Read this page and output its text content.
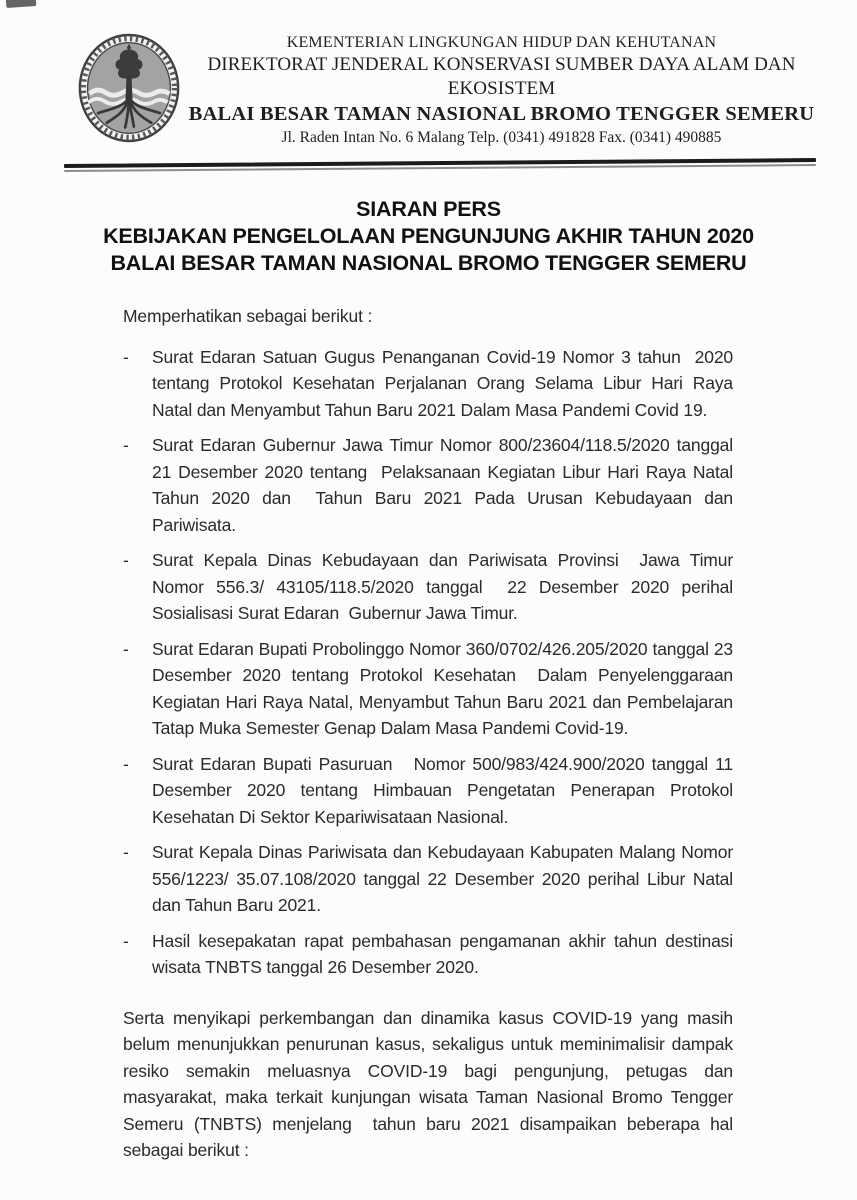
KEMENTERIAN LINGKUNGAN HIDUP DAN KEHUTANAN
DIREKTORAT JENDERAL KONSERVASI SUMBER DAYA ALAM DAN EKOSISTEM
BALAI BESAR TAMAN NASIONAL BROMO TENGGER SEMERU
Jl. Raden Intan No. 6 Malang Telp. (0341) 491828 Fax. (0341) 490885
SIARAN PERS
KEBIJAKAN PENGELOLAAN PENGUNJUNG AKHIR TAHUN 2020
BALAI BESAR TAMAN NASIONAL BROMO TENGGER SEMERU

Memperhatikan sebagai berikut :

-	Surat Edaran Satuan Gugus Penanganan Covid-19 Nomor 3 tahun  2020 tentang Protokol Kesehatan Perjalanan Orang Selama Libur Hari Raya Natal dan Menyambut Tahun Baru 2021 Dalam Masa Pandemi Covid 19.

-	Surat Edaran Gubernur Jawa Timur Nomor 800/23604/118.5/2020 tanggal 21 Desember 2020 tentang  Pelaksanaan Kegiatan Libur Hari Raya Natal Tahun 2020 dan  Tahun Baru 2021 Pada Urusan Kebudayaan dan Pariwisata.

-	Surat Kepala Dinas Kebudayaan dan Pariwisata Provinsi  Jawa Timur Nomor 556.3/ 43105/118.5/2020 tanggal  22 Desember 2020 perihal Sosialisasi Surat Edaran  Gubernur Jawa Timur.

-	Surat Edaran Bupati Probolinggo Nomor 360/0702/426.205/2020 tanggal 23 Desember 2020 tentang Protokol Kesehatan  Dalam Penyelenggaraan  Kegiatan Hari Raya Natal, Menyambut Tahun Baru 2021 dan Pembelajaran Tatap Muka Semester Genap Dalam Masa Pandemi Covid-19.

-	Surat Edaran Bupati Pasuruan   Nomor 500/983/424.900/2020 tanggal 11 Desember 2020 tentang Himbauan Pengetatan Penerapan Protokol Kesehatan Di Sektor Kepariwisataan Nasional.

-	Surat Kepala Dinas Pariwisata dan Kebudayaan Kabupaten Malang Nomor 556/1223/ 35.07.108/2020 tanggal 22 Desember 2020 perihal Libur Natal dan Tahun Baru 2021.

-	Hasil kesepakatan rapat pembahasan pengamanan akhir tahun destinasi wisata TNBTS tanggal 26 Desember 2020.

Serta menyikapi perkembangan dan dinamika kasus COVID-19 yang masih belum menunjukkan penurunan kasus, sekaligus untuk meminimalisir dampak resiko semakin meluasnya COVID-19 bagi pengunjung, petugas dan masyarakat, maka terkait kunjungan wisata Taman Nasional Bromo Tengger Semeru (TNBTS) menjelang  tahun baru 2021 disampaikan beberapa hal sebagai berikut :
